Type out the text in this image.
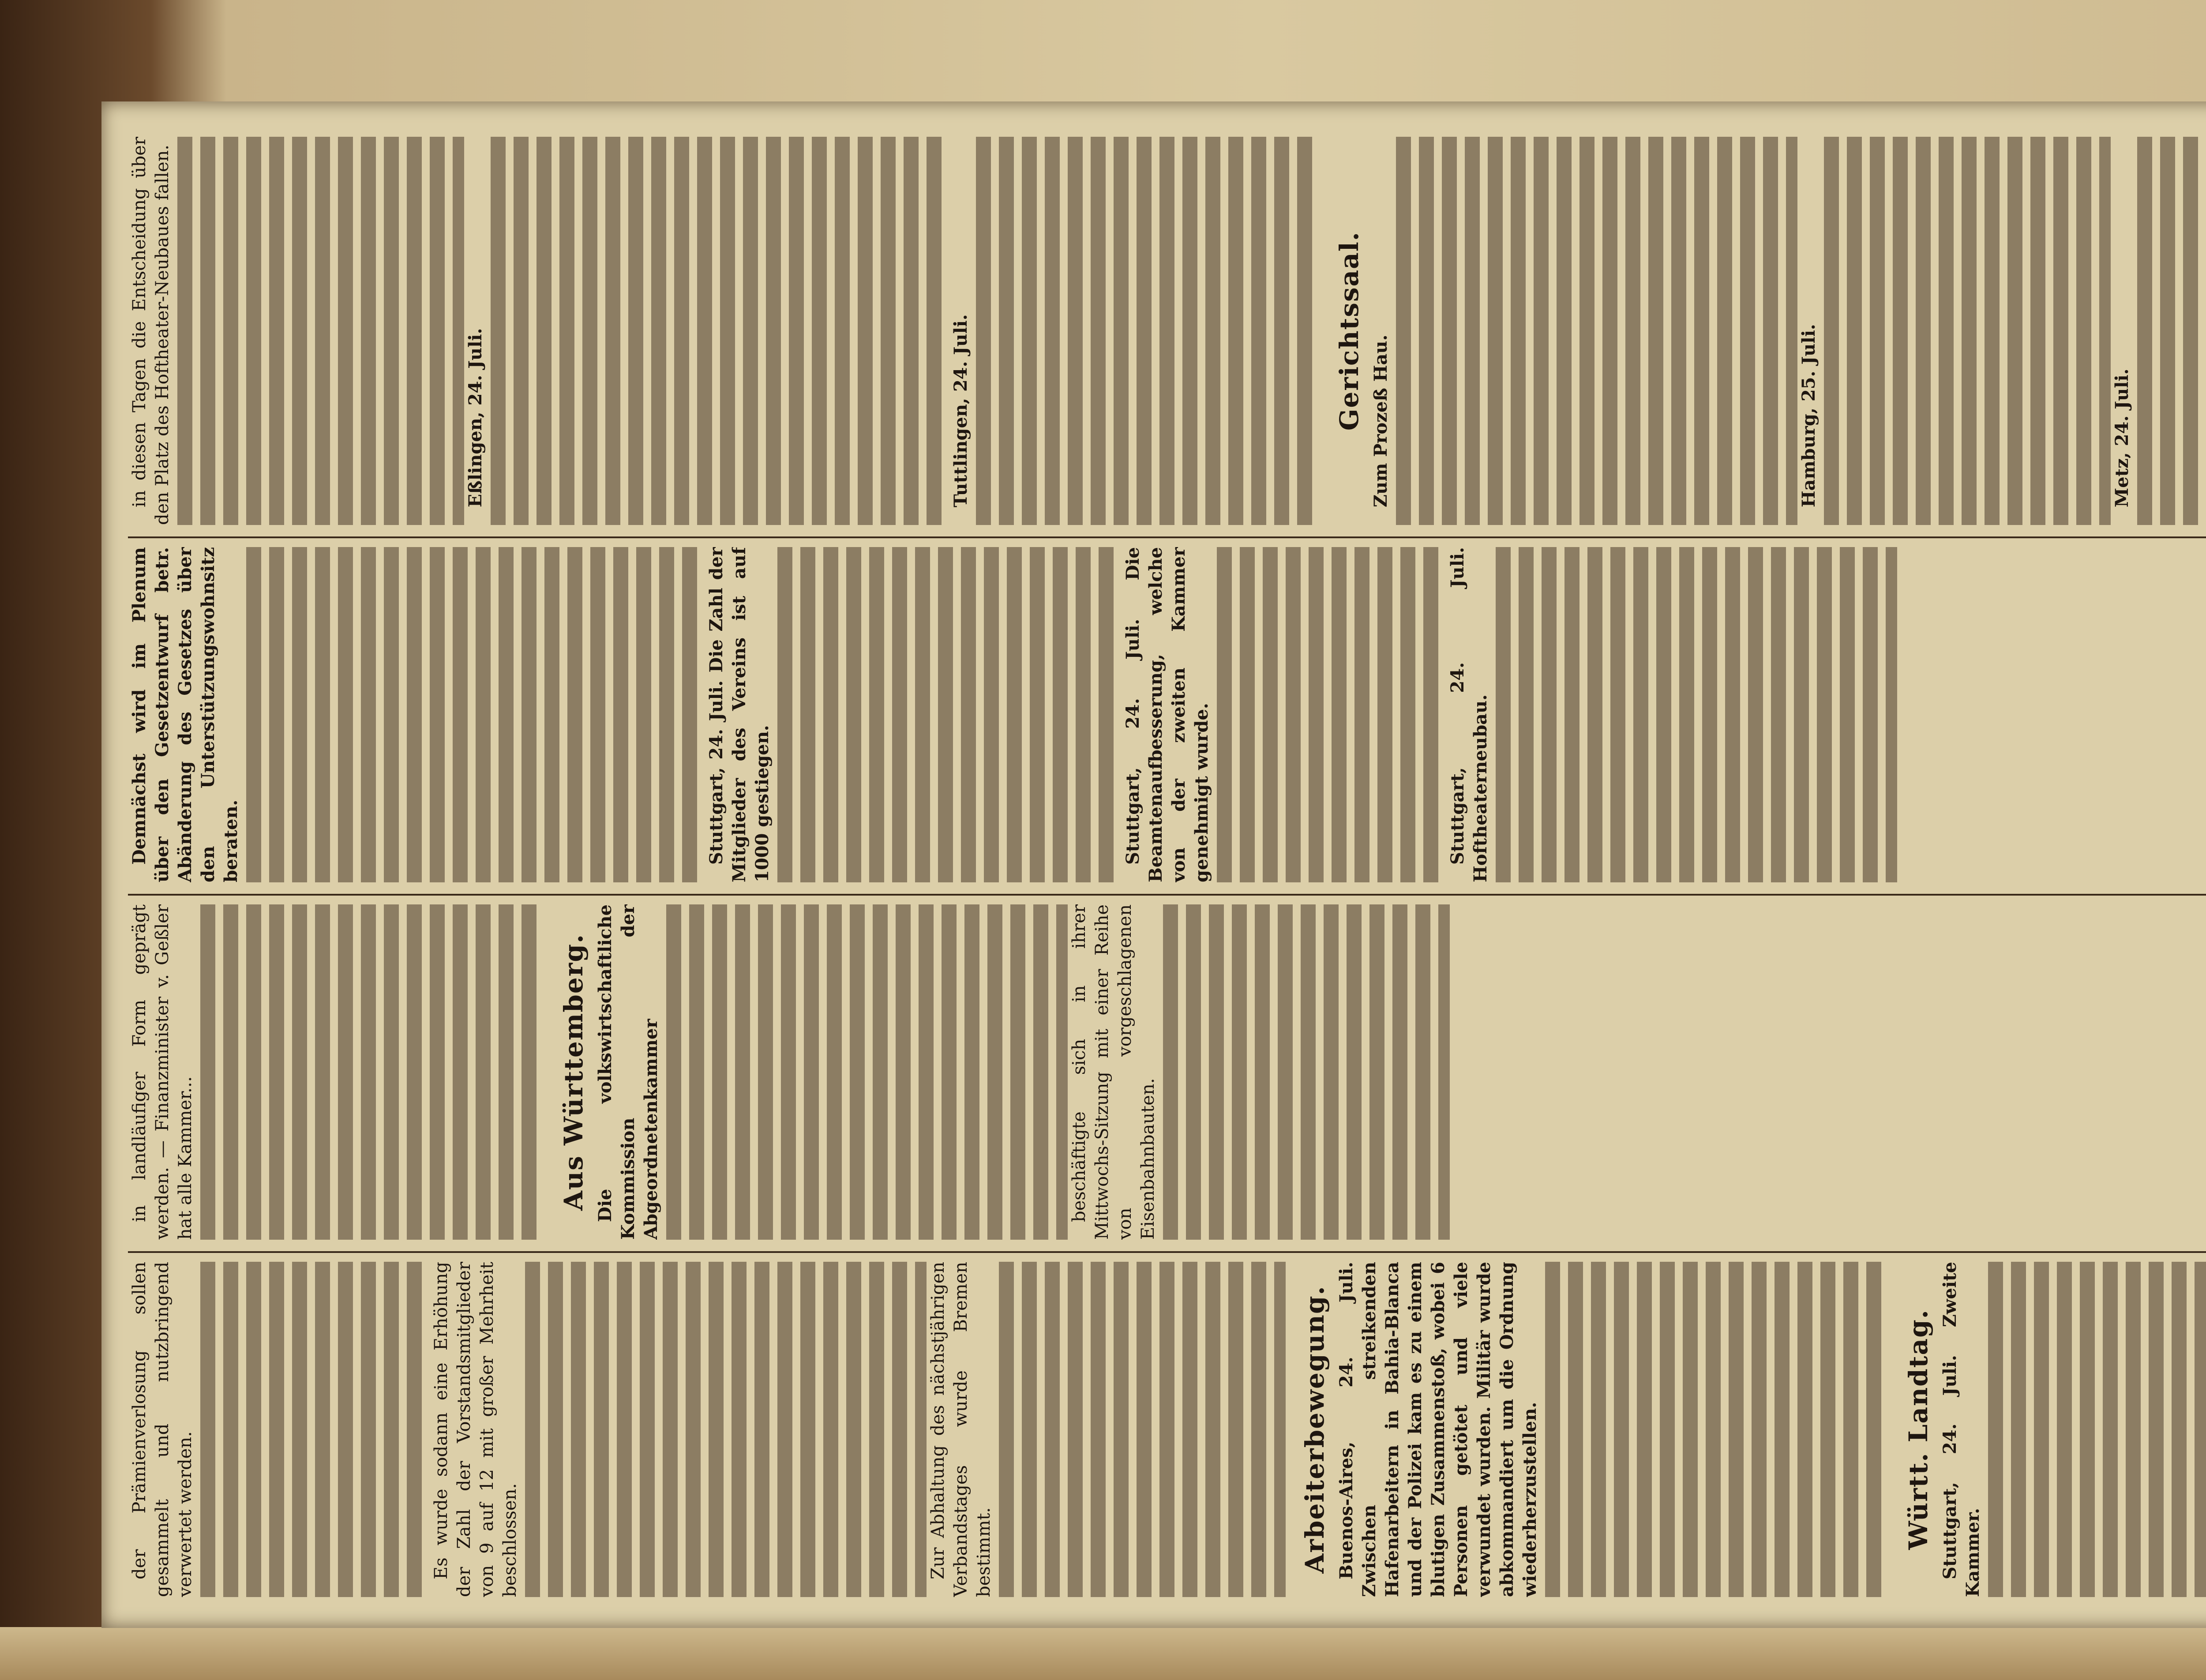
der Prämienverlosung sollen gesammelt und nutzbringend verwertet werden.	Es wurde sodann eine Erhöhung der Zahl der Vorstandsmitglieder von 9 auf 12 mit großer Mehrheit beschlossen.	Zur Abhaltung des nächstjährigen Verbandstages wurde Bremen bestimmt.	Arbeiterbewegung. Buenos-Aires, 24. Juli. Zwischen streikenden Hafenarbeitern in Bahia-Blanca und der Polizei kam es zu einem blutigen Zusammenstoß, wobei 6 Personen getötet und viele verwundet wurden. Militär wurde abkommandiert um die Ordnung wiederherzustellen.	Württ. Landtag. Stuttgart, 24. Juli. Zweite Kammer.

in landläufiger Form geprägt werden. — Finanzminister v. Geßler hat alle Kammer...	Aus Württemberg. Die volkswirtschaftliche Kommission der Abgeordnetenkammer	beschäftigte sich in ihrer Mittwochs-Sitzung mit einer Reihe von vorgeschlagenen Eisenbahnbauten.

Demnächst wird im Plenum über den Gesetzentwurf betr. Abänderung des Gesetzes über den Unterstützungswohnsitz beraten.	Stuttgart, 24. Juli. Die Zahl der Mitglieder des Vereins ist auf 1000 gestiegen.	Stuttgart, 24. Juli. Die Beamtenaufbesserung, welche von der zweiten Kammer genehmigt wurde.	Stuttgart, 24. Juli. Hoftheaterneubau.

in diesen Tagen die Entscheidung über den Platz des Hoftheater-Neubaues fallen.	Eßlingen, 24. Juli.	Tuttlingen, 24. Juli.	Gerichtssaal. Zum Prozeß Hau.	Hamburg, 25. Juli.	Metz, 24. Juli.
